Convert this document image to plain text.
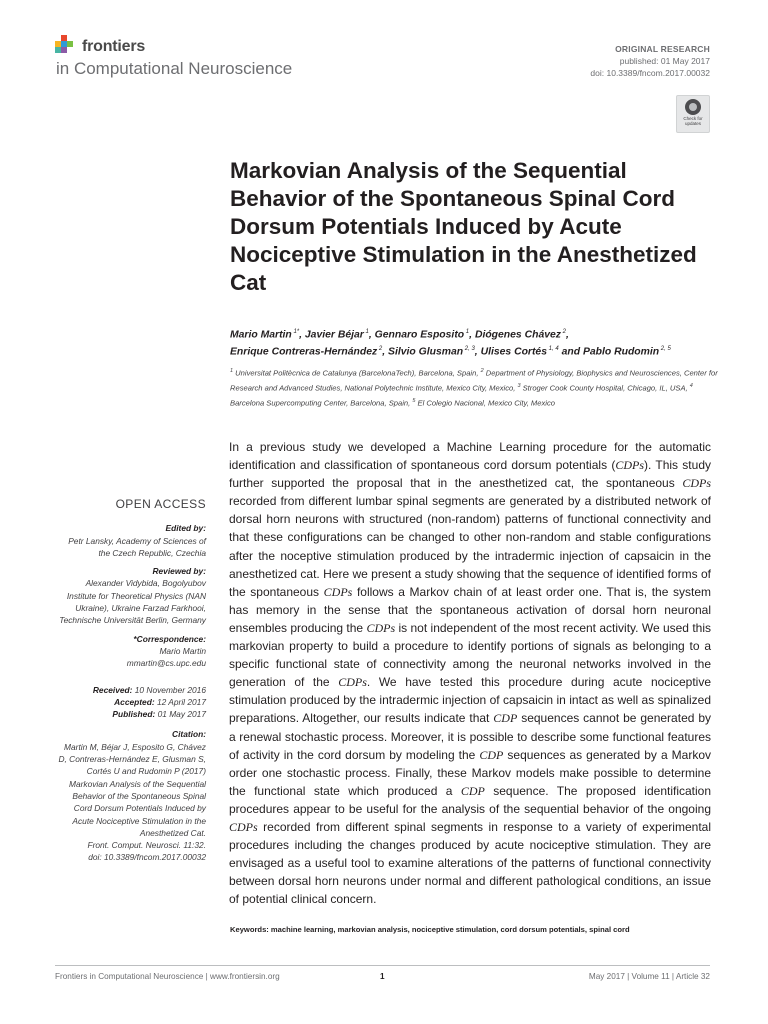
frontiers
in Computational Neuroscience
ORIGINAL RESEARCH
published: 01 May 2017
doi: 10.3389/fncom.2017.00032
Check for updates
Markovian Analysis of the Sequential Behavior of the Spontaneous Spinal Cord Dorsum Potentials Induced by Acute Nociceptive Stimulation in the Anesthetized Cat
Mario Martin $^{1*}$, Javier Béjar $^1$, Gennaro Esposito $^1$, Diógenes Chávez $^2$,
Enrique Contreras-Hernández $^2$, Silvio Glusman $^{2, 3}$, Ulises Cortés $^{1, 4}$ and Pablo Rudomin $^{2, 5}$
$^1$ Universitat Politècnica de Catalunya (BarcelonaTech), Barcelona, Spain, $^2$ Department of Physiology, Biophysics and Neurosciences, Center for Research and Advanced Studies, National Polytechnic Institute, Mexico City, Mexico, $^3$ Stroger Cook County Hospital, Chicago, IL, USA, $^4$ Barcelona Supercomputing Center, Barcelona, Spain, $^5$ El Colegio Nacional, Mexico City, Mexico

In a previous study we developed a Machine Learning procedure for the automatic identification and classification of spontaneous cord dorsum potentials (CDPs). This study further supported the proposal that in the anesthetized cat, the spontaneous CDPs recorded from different lumbar spinal segments are generated by a distributed network of dorsal horn neurons with structured (non-random) patterns of functional connectivity and that these configurations can be changed to other non-random and stable configurations after the noceptive stimulation produced by the intradermic injection of capsaicin in the anesthetized cat. Here we present a study showing that the sequence of identified forms of the spontaneous CDPs follows a Markov chain of at least order one. That is, the system has memory in the sense that the spontaneous activation of dorsal horn neuronal ensembles producing the CDPs is not independent of the most recent activity. We used this markovian property to build a procedure to identify portions of signals as belonging to a specific functional state of connectivity among the neuronal networks involved in the generation of the CDPs. We have tested this procedure during acute nociceptive stimulation produced by the intradermic injection of capsaicin in intact as well as spinalized preparations. Altogether, our results indicate that CDP sequences cannot be generated by a renewal stochastic process. Moreover, it is possible to describe some functional features of activity in the cord dorsum by modeling the CDP sequences as generated by a Markov order one stochastic process. Finally, these Markov models make possible to determine the functional state which produced a CDP sequence. The proposed identification procedures appear to be useful for the analysis of the sequential behavior of the ongoing CDPs recorded from different spinal segments in response to a variety of experimental procedures including the changes produced by acute nociceptive stimulation. They are envisaged as a useful tool to examine alterations of the patterns of functional connectivity between dorsal horn neurons under normal and different pathological conditions, an issue of potential clinical concern.

Keywords: machine learning, markovian analysis, nociceptive stimulation, cord dorsum potentials, spinal cord
OPEN ACCESS
Edited by:
Petr Lansky, Academy of Sciences of the Czech Republic, Czechia
Reviewed by:
Alexander Vidybida, Bogolyubov Institute for Theoretical Physics (NAN Ukraine), Ukraine Farzad Farkhooi, Technische Universität Berlin, Germany
*Correspondence:
Mario Martin
mmartin@cs.upc.edu
Received: 10 November 2016
Accepted: 12 April 2017
Published: 01 May 2017
Citation:
Martin M, Béjar J, Esposito G, Chávez D, Contreras-Hernández E, Glusman S, Cortés U and Rudomin P (2017) Markovian Analysis of the Sequential Behavior of the Spontaneous Spinal Cord Dorsum Potentials Induced by Acute Nociceptive Stimulation in the Anesthetized Cat.
Front. Comput. Neurosci. 11:32.
doi: 10.3389/fncom.2017.00032
Frontiers in Computational Neuroscience | www.frontiersin.org	1	May 2017 | Volume 11 | Article 32
